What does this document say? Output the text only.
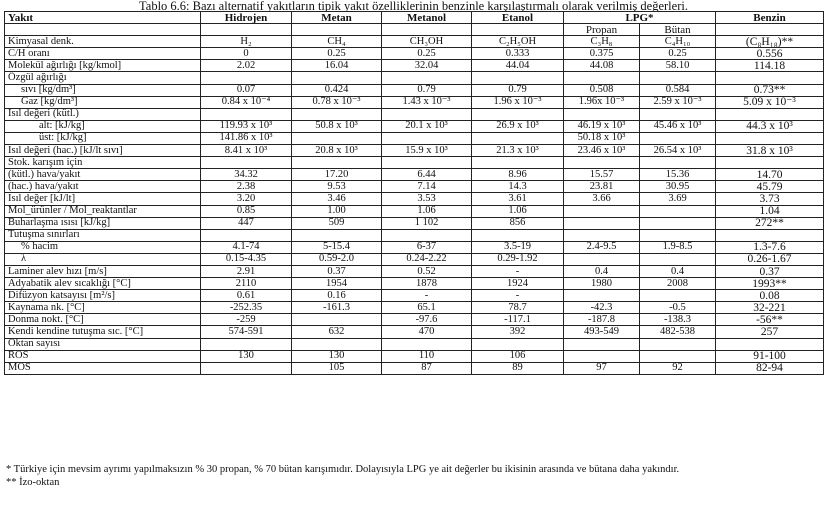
Tablo 6.6: Bazı alternatif yakıtların tipik yakıt özelliklerinin benzinle karşılaştırmalı olarak verilmiş değerleri.
Yakıt	Hidrojen	Metan	Metanol	Etanol	LPG*		Benzin
					Propan	Bütan	
Kimyasal denk.	H₂	CH₄	CH₃OH	C₂H₅OH	C₃H₈	C₄H₁₀	(C₈H₁₈)**
C/H oranı	0	0.25	0.25	0.333	0.375	0.25	0.556
Molekül ağırlığı [kg/kmol]	2.02	16.04	32.04	44.04	44.08	58.10	114.18
Özgül ağırlığı							
sıvı [kg/dm³]	0.07	0.424	0.79	0.79	0.508	0.584	0.73**
Gaz [kg/dm³]	0.84 x 10⁻⁴	0.78 x 10⁻³	1.43 x 10⁻³	1.96 x 10⁻³	1.96x 10⁻³	2.59 x 10⁻³	5.09 x 10⁻³
Isıl değeri (kütl.)							
alt: [kJ/kg]	119.93 x 10³	50.8 x 10³	20.1 x 10³	26.9 x 10³	46.19 x 10³	45.46 x 10³	44.3 x 10³
üst: [kJ/kg]	141.86 x 10³				50.18 x 10³		
Isıl değeri (hac.) [kJ/lt sıvı]	8.41 x 10³	20.8 x 10³	15.9 x 10³	21.3 x 10³	23.46 x 10³	26.54 x 10³	31.8 x 10³
Stok. karışım için							
(kütl.) hava/yakıt	34.32	17.20	6.44	8.96	15.57	15.36	14.70
(hac.) hava/yakıt	2.38	9.53	7.14	14.3	23.81	30.95	45.79
Isıl değer [kJ/lt]	3.20	3.46	3.53	3.61	3.66	3.69	3.73
Mol_ürünler / Mol_reaktantlar	0.85	1.00	1.06	1.06			1.04
Buharlaşma ısısı [kJ/kg]	447	509	1 102	856			272**
Tutuşma sınırları							
% hacim	4.1-74	5-15.4	6-37	3.5-19	2.4-9.5	1.9-8.5	1.3-7.6
λ	0.15-4.35	0.59-2.0	0.24-2.22	0.29-1.92			0.26-1.67
Laminer alev hızı [m/s]	2.91	0.37	0.52	-	0.4	0.4	0.37
Adyabatik alev sıcaklığı [°C]	2110	1954	1878	1924	1980	2008	1993**
Difüzyon katsayısı [m²/s]	0.61	0.16	-	-			0.08
Kaynama nk. [°C]	-252.35	-161.3	65.1	78.7	-42.3	-0.5	32-221
Donma nokt. [°C]	-259		-97.6	-117.1	-187.8	-138.3	-56**
Kendi kendine tutuşma sıc. [°C]	574-591	632	470	392	493-549	482-538	257
Oktan sayısı							
ROS	130	130	110	106			91-100
MOS		105	87	89	97	92	82-94
* Türkiye için mevsim ayrımı yapılmaksızın % 30 propan, % 70 bütan karışımıdır. Dolayısıyla LPG ye ait değerler bu ikisinin arasında ve bütana daha yakındır.
** İzo-oktan
